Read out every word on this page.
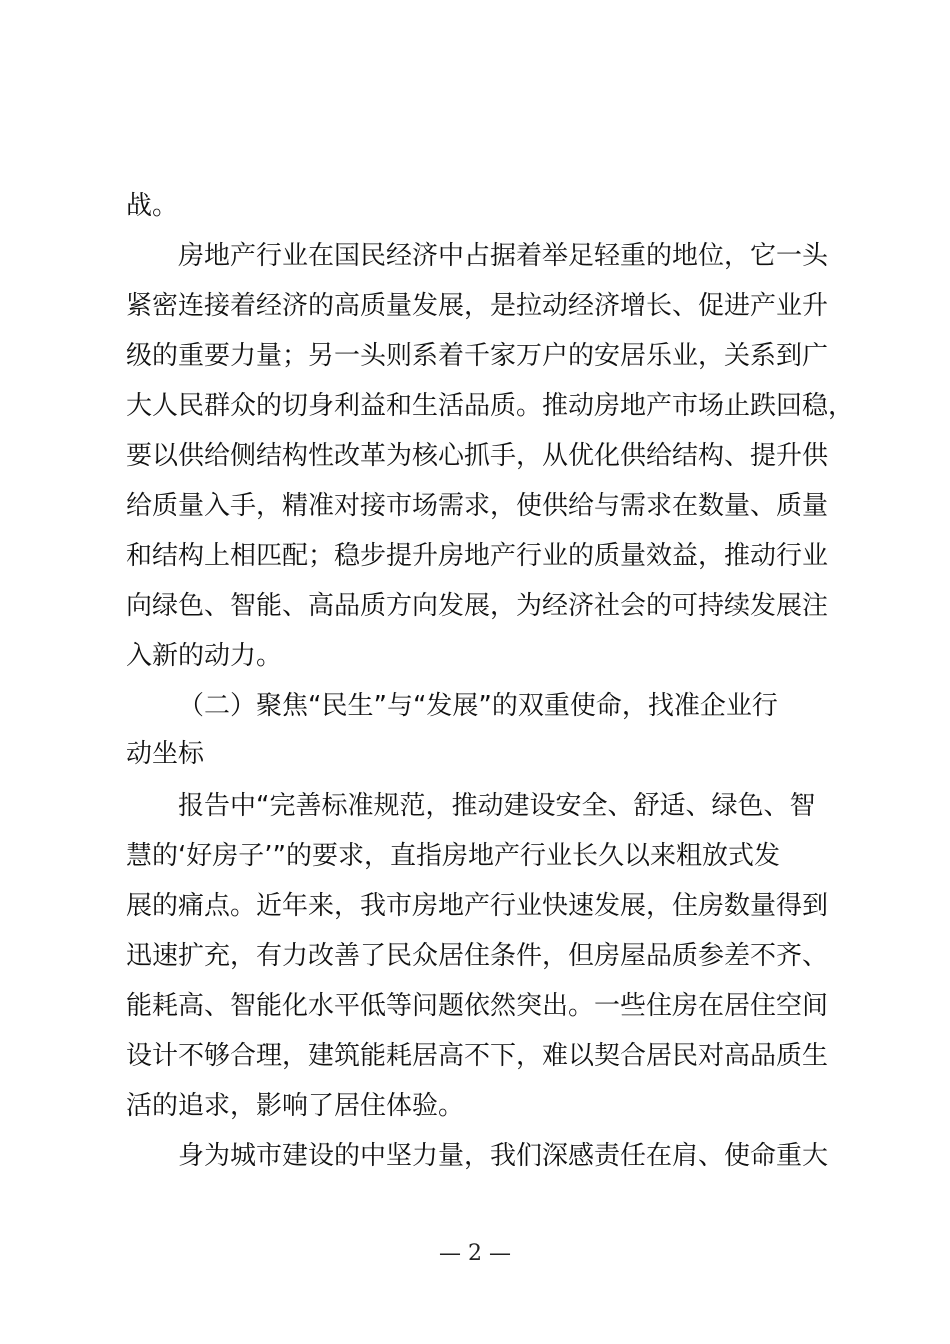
战。

房地产行业在国民经济中占据着举足轻重的地位，它一头

紧密连接着经济的高质量发展，是拉动经济增长、促进产业升

级的重要力量；另一头则系着千家万户的安居乐业，关系到广

大人民群众的切身利益和生活品质。推动房地产市场止跌回稳，

要以供给侧结构性改革为核心抓手，从优化供给结构、提升供

给质量入手，精准对接市场需求，使供给与需求在数量、质量

和结构上相匹配；稳步提升房地产行业的质量效益，推动行业

向绿色、智能、高品质方向发展，为经济社会的可持续发展注

入新的动力。

（二）聚焦“民生”与“发展”的双重使命，找准企业行

动坐标

报告中“完善标准规范，推动建设安全、舒适、绿色、智

慧的‘好房子’”的要求，直指房地产行业长久以来粗放式发

展的痛点。近年来，我市房地产行业快速发展，住房数量得到

迅速扩充，有力改善了民众居住条件，但房屋品质参差不齐、

能耗高、智能化水平低等问题依然突出。一些住房在居住空间

设计不够合理，建筑能耗居高不下，难以契合居民对高品质生

活的追求，影响了居住体验。

身为城市建设的中坚力量，我们深感责任在肩、使命重大

— 2 —
